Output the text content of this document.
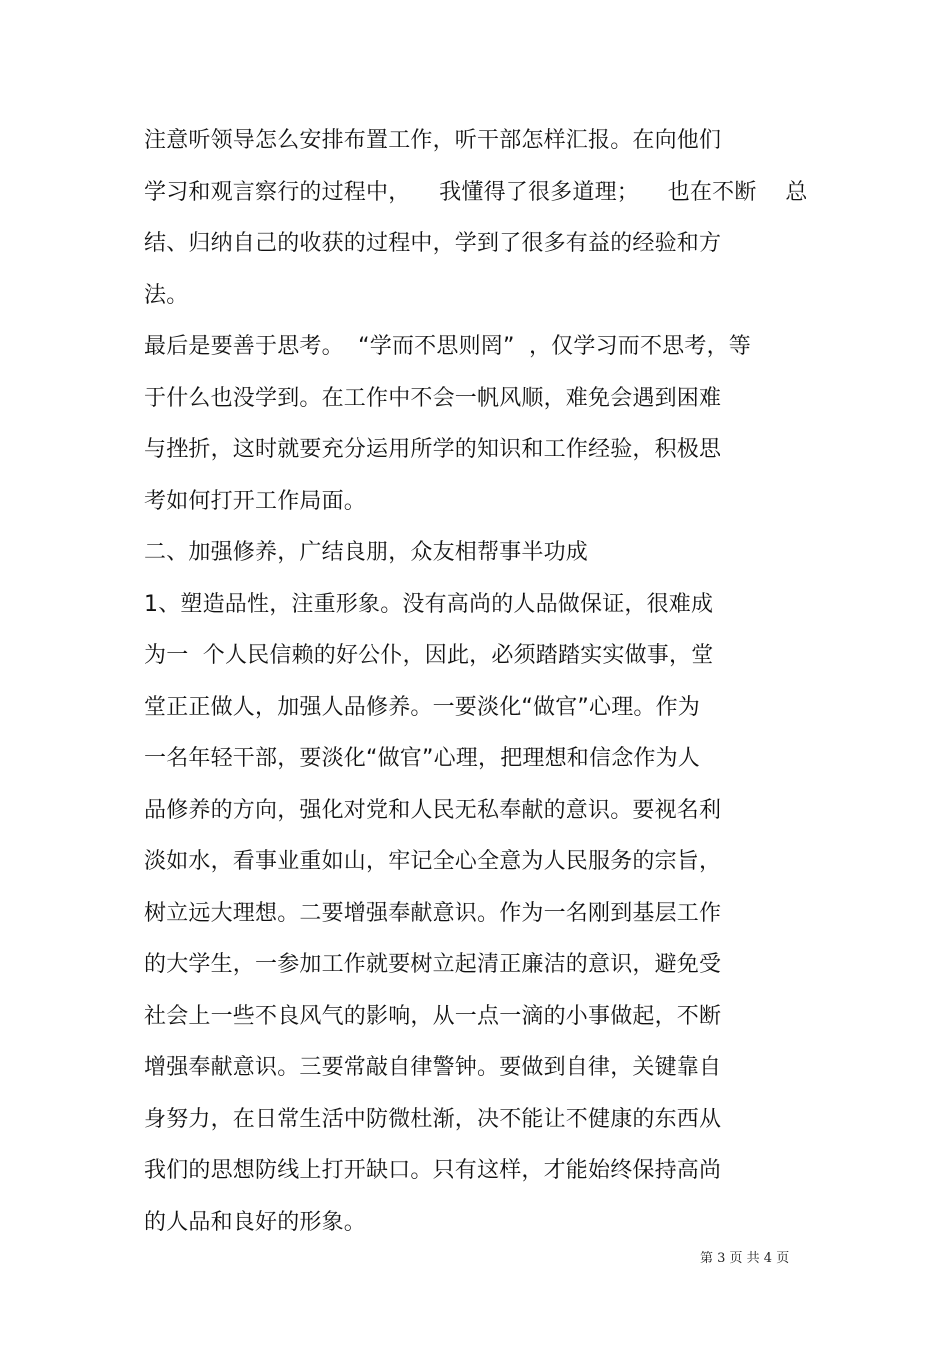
注意听领导怎么安排布置工作，听干部怎样汇报。在向他们
学习和观言察行的过程中，    我懂得了很多道理；    也在不断    总
结、归纳自己的收获的过程中，学到了很多有益的经验和方
法。
最后是要善于思考。  “学而不思则罔”  ，仅学习而不思考，等
于什么也没学到。在工作中不会一帆风顺，难免会遇到困难
与挫折，这时就要充分运用所学的知识和工作经验，积极思
考如何打开工作局面。
二、加强修养，广结良朋，众友相帮事半功成
1、塑造品性，注重形象。没有高尚的人品做保证，很难成
为一  个人民信赖的好公仆，因此，必须踏踏实实做事，堂
堂正正做人，加强人品修养。一要淡化“做官”心理。作为
一名年轻干部，要淡化“做官”心理，把理想和信念作为人
品修养的方向，强化对党和人民无私奉献的意识。要视名利
淡如水，看事业重如山，牢记全心全意为人民服务的宗旨，
树立远大理想。二要增强奉献意识。作为一名刚到基层工作
的大学生，一参加工作就要树立起清正廉洁的意识，避免受
社会上一些不良风气的影响，从一点一滴的小事做起，不断
增强奉献意识。三要常敲自律警钟。要做到自律，关键靠自
身努力，在日常生活中防微杜渐，决不能让不健康的东西从
我们的思想防线上打开缺口。只有这样，才能始终保持高尚
的人品和良好的形象。
第 3 页 共 4 页
